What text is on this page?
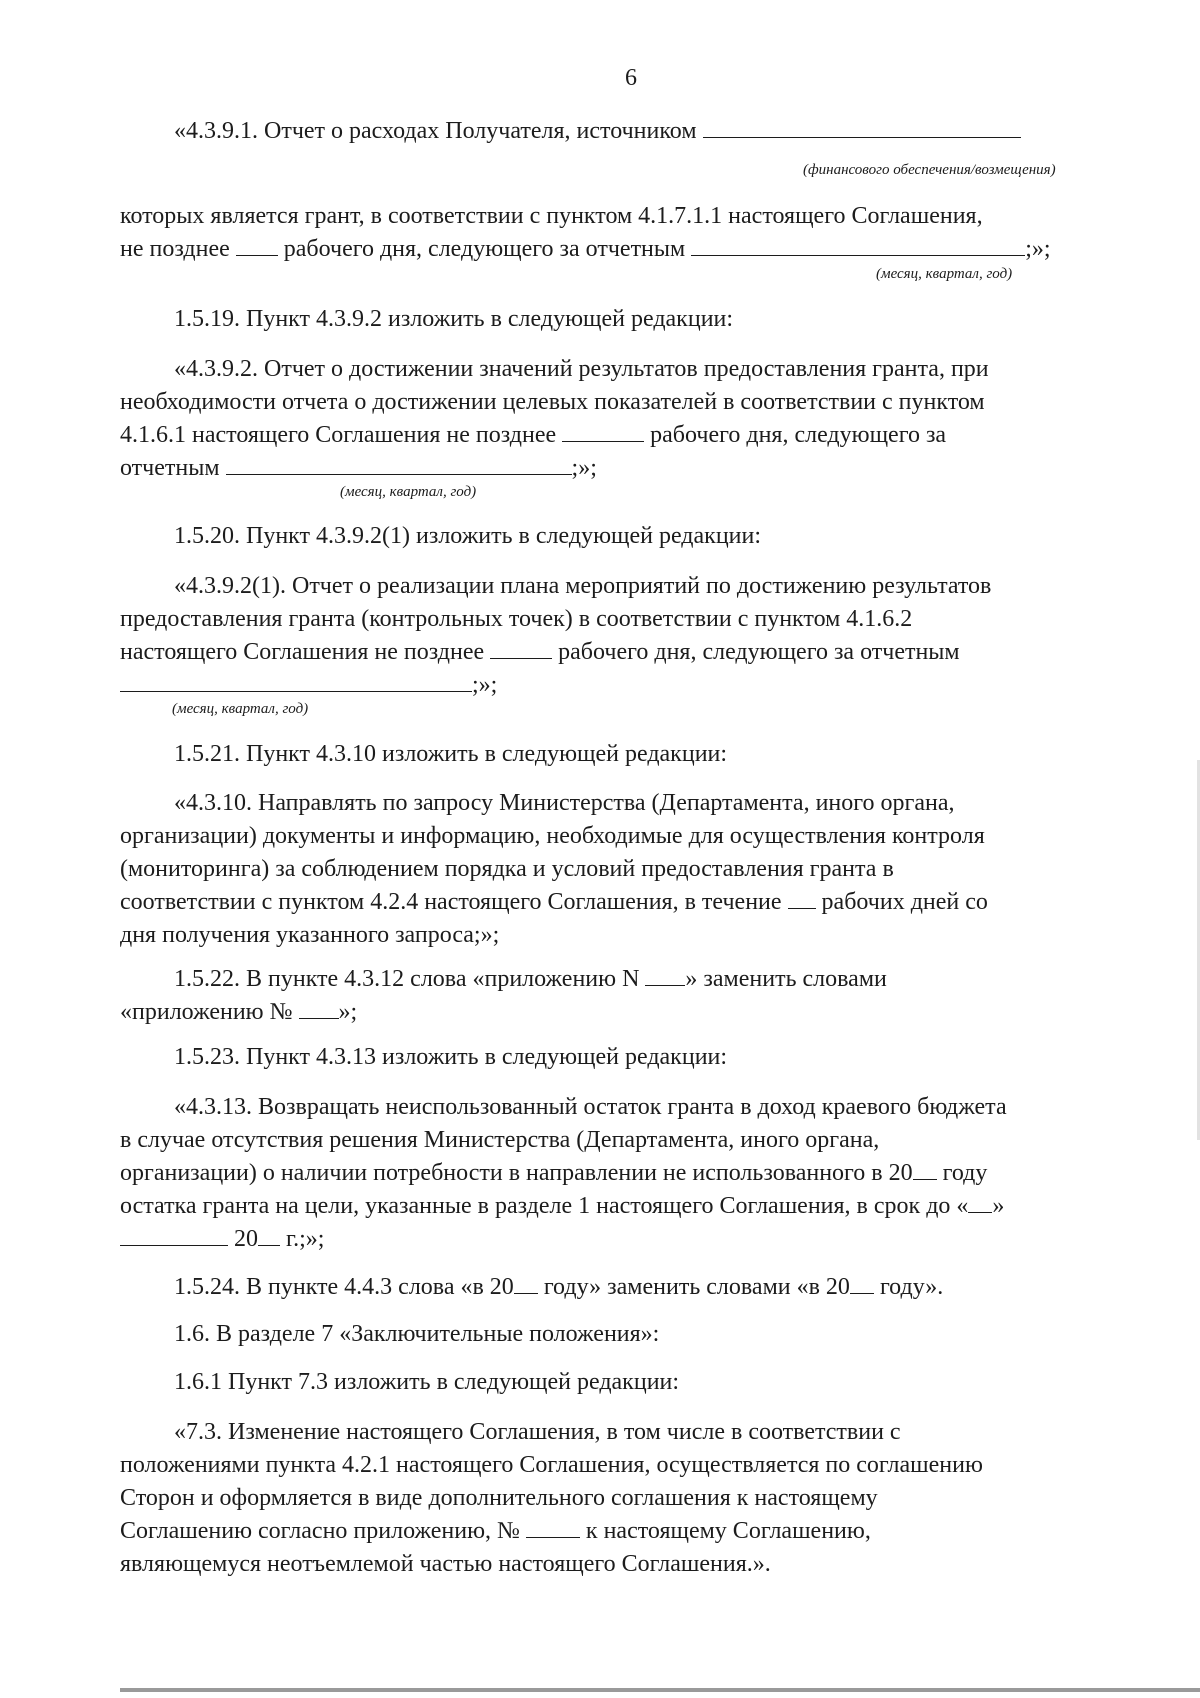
6
«4.3.9.1. Отчет о расходах Получателя, источником
(финансового обеспечения/возмещения)
которых является грант, в соответствии с пунктом 4.1.7.1.1 настоящего Соглашения,
не позднее рабочего дня, следующего за отчетным	;»;
(месяц, квартал, год)
1.5.19. Пункт 4.3.9.2 изложить в следующей редакции:
«4.3.9.2. Отчет о достижении значений результатов предоставления гранта, при
необходимости отчета о достижении целевых показателей в соответствии с пунктом
4.1.6.1 настоящего Соглашения не позднее	рабочего дня, следующего за
отчетным	;»;
(месяц, квартал, год)
1.5.20. Пункт 4.3.9.2(1) изложить в следующей редакции:
«4.3.9.2(1). Отчет о реализации плана мероприятий по достижению результатов
предоставления гранта (контрольных точек) в соответствии с пунктом 4.1.6.2
настоящего Соглашения не позднее	рабочего дня, следующего за отчетным
;»;
(месяц, квартал, год)
1.5.21. Пункт 4.3.10 изложить в следующей редакции:
«4.3.10. Направлять по запросу Министерства (Департамента, иного органа,
организации) документы и информацию, необходимые для осуществления контроля
(мониторинга) за соблюдением порядка и условий предоставления гранта в
соответствии с пунктом 4.2.4 настоящего Соглашения, в течение рабочих дней со
дня получения указанного запроса;»;
1.5.22. В пункте 4.3.12 слова «приложению N » заменить словами
«приложению № »;
1.5.23. Пункт 4.3.13 изложить в следующей редакции:
«4.3.13. Возвращать неиспользованный остаток гранта в доход краевого бюджета
в случае отсутствия решения Министерства (Департамента, иного органа,
организации) о наличии потребности в направлении не использованного в 20 году
остатка гранта на цели, указанные в разделе 1 настоящего Соглашения, в срок до « »
20 г.;»;
1.5.24. В пункте 4.4.3 слова «в 20 году» заменить словами «в 20 году».
1.6. В разделе 7 «Заключительные положения»:
1.6.1 Пункт 7.3 изложить в следующей редакции:
«7.3. Изменение настоящего Соглашения, в том числе в соответствии с
положениями пункта 4.2.1 настоящего Соглашения, осуществляется по соглашению
Сторон и оформляется в виде дополнительного соглашения к настоящему
Соглашению согласно приложению, №	к настоящему Соглашению,
являющемуся неотъемлемой частью настоящего Соглашения.».
